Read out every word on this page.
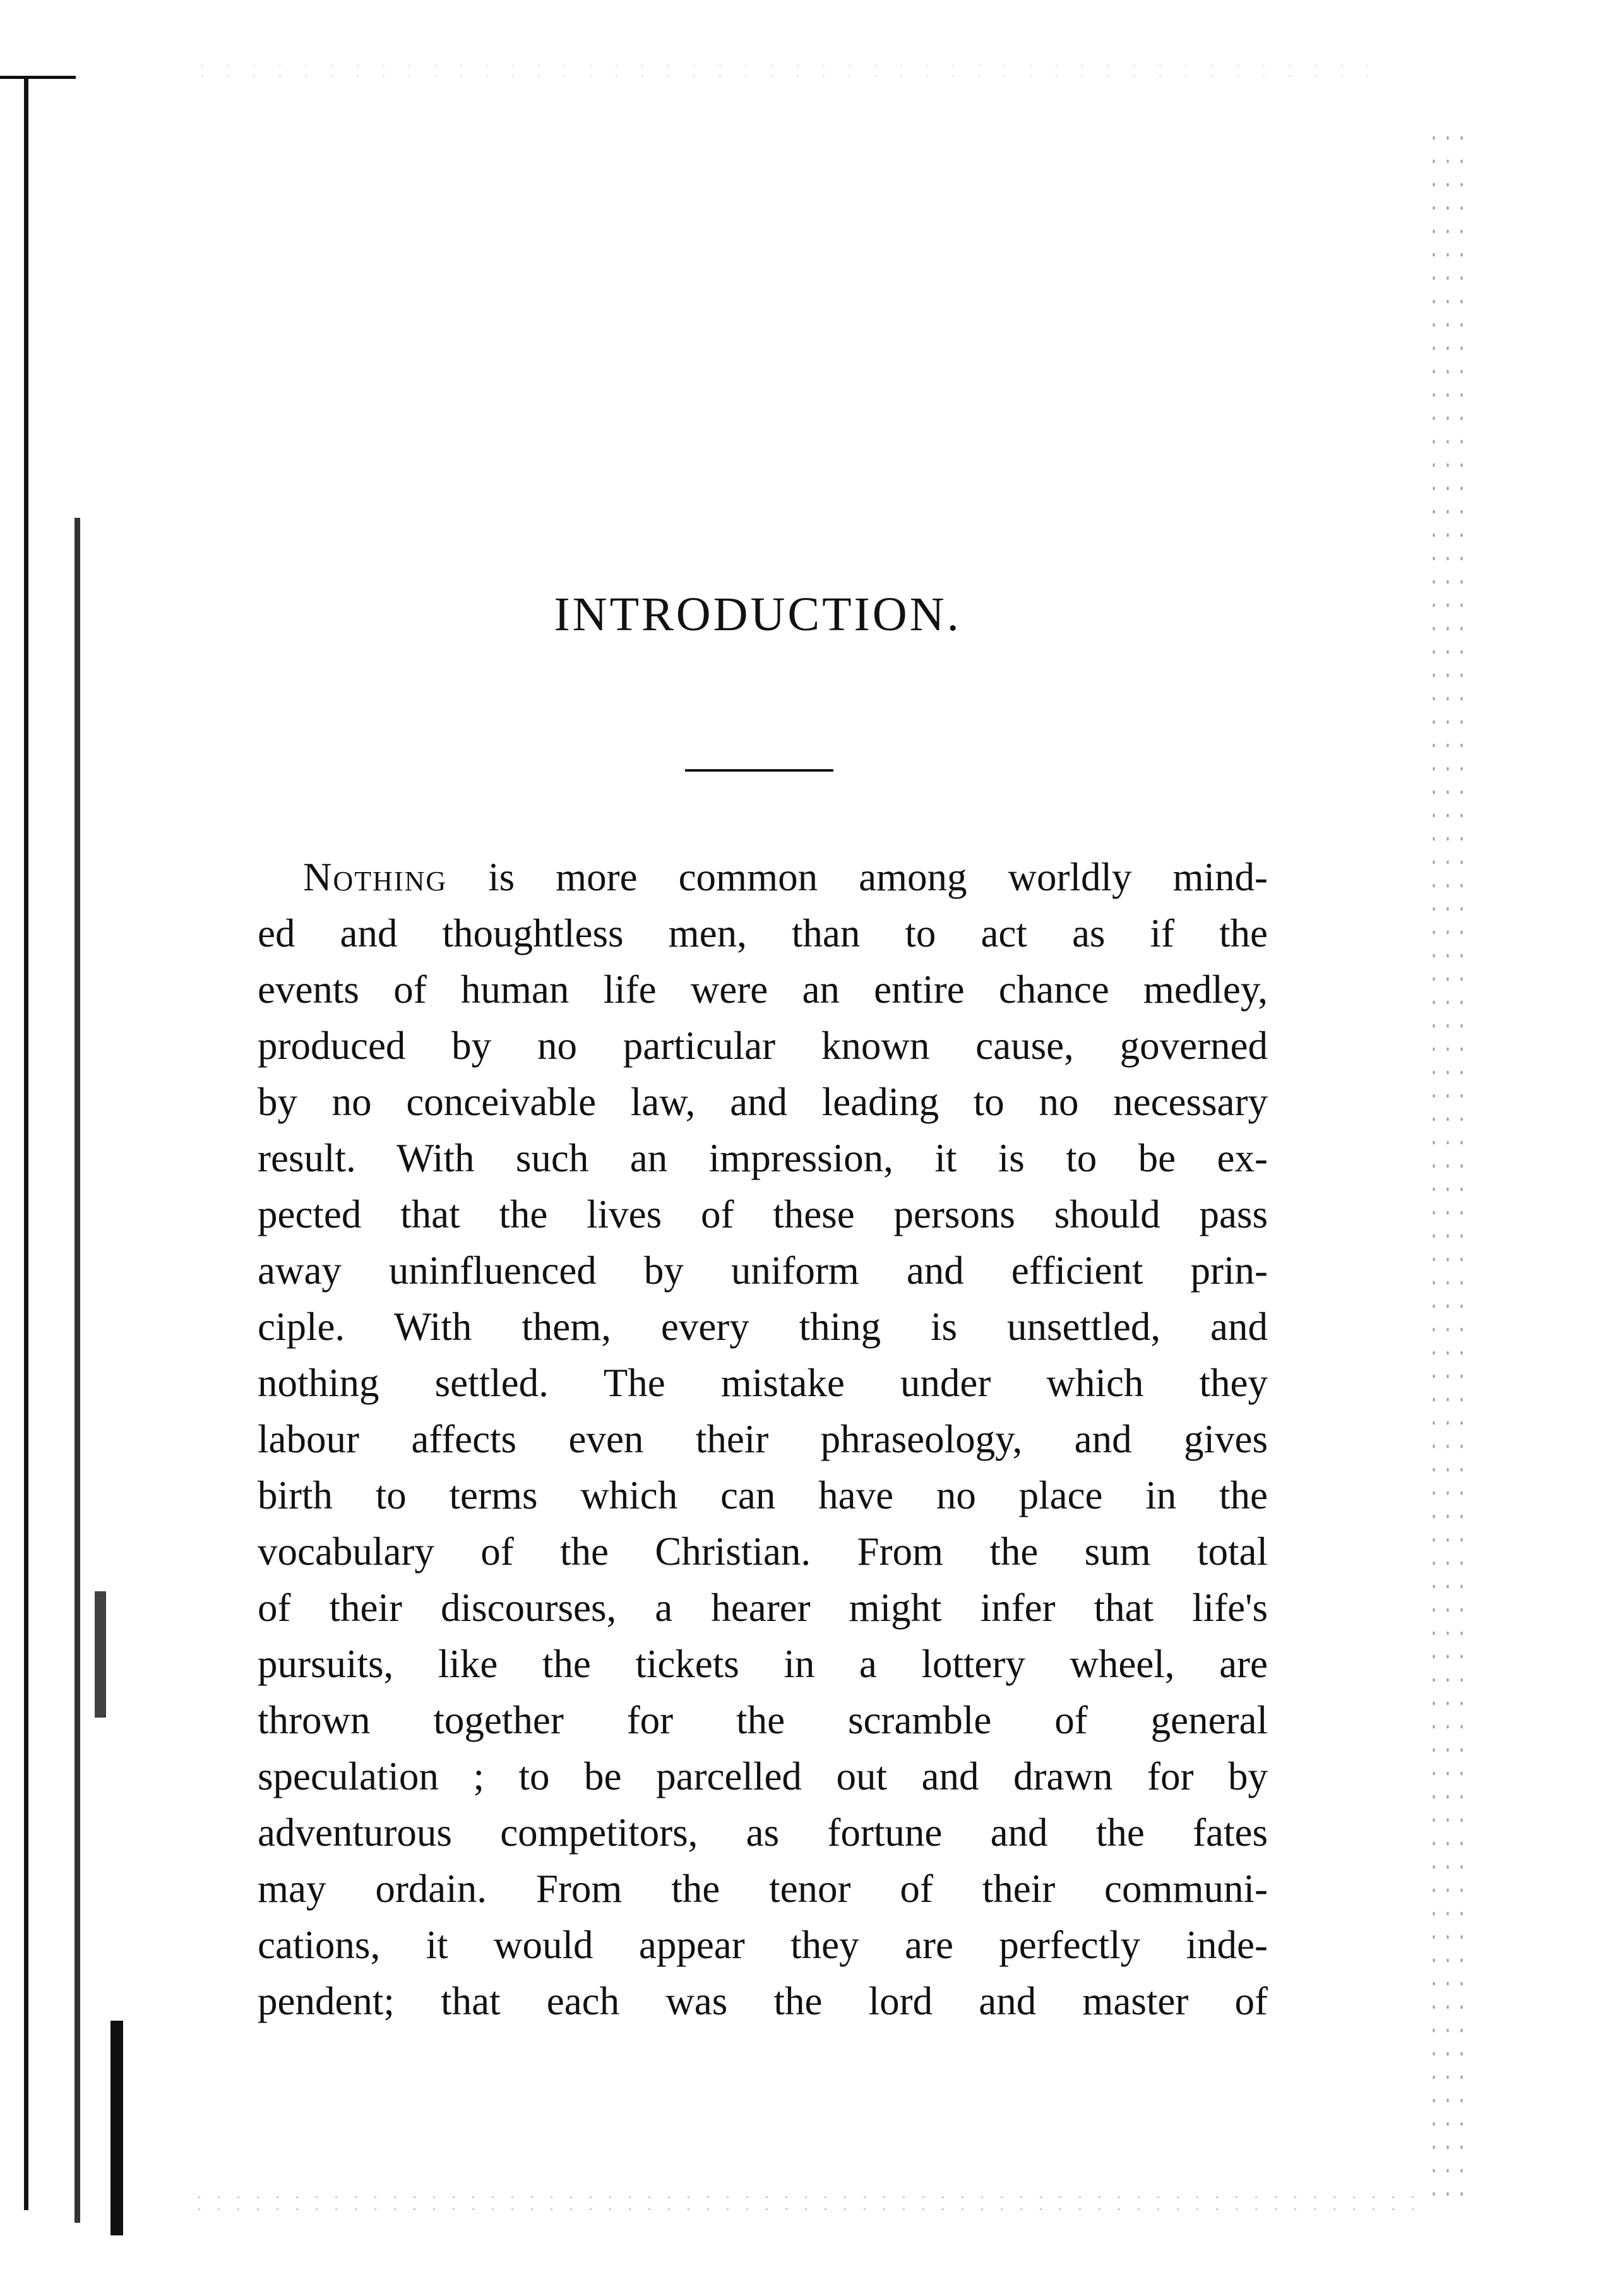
INTRODUCTION.
Nothing is more common among worldly mind-
ed and thoughtless men, than to act as if the
events of human life were an entire chance medley,
produced by no particular known cause, governed
by no conceivable law, and leading to no necessary
result. With such an impression, it is to be ex-
pected that the lives of these persons should pass
away uninfluenced by uniform and efficient prin-
ciple. With them, every thing is unsettled, and
nothing settled. The mistake under which they
labour affects even their phraseology, and gives
birth to terms which can have no place in the
vocabulary of the Christian. From the sum total
of their discourses, a hearer might infer that life's
pursuits, like the tickets in a lottery wheel, are
thrown together for the scramble of general
speculation ; to be parcelled out and drawn for by
adventurous competitors, as fortune and the fates
may ordain. From the tenor of their communi-
cations, it would appear they are perfectly inde-
pendent; that each was the lord and master of
